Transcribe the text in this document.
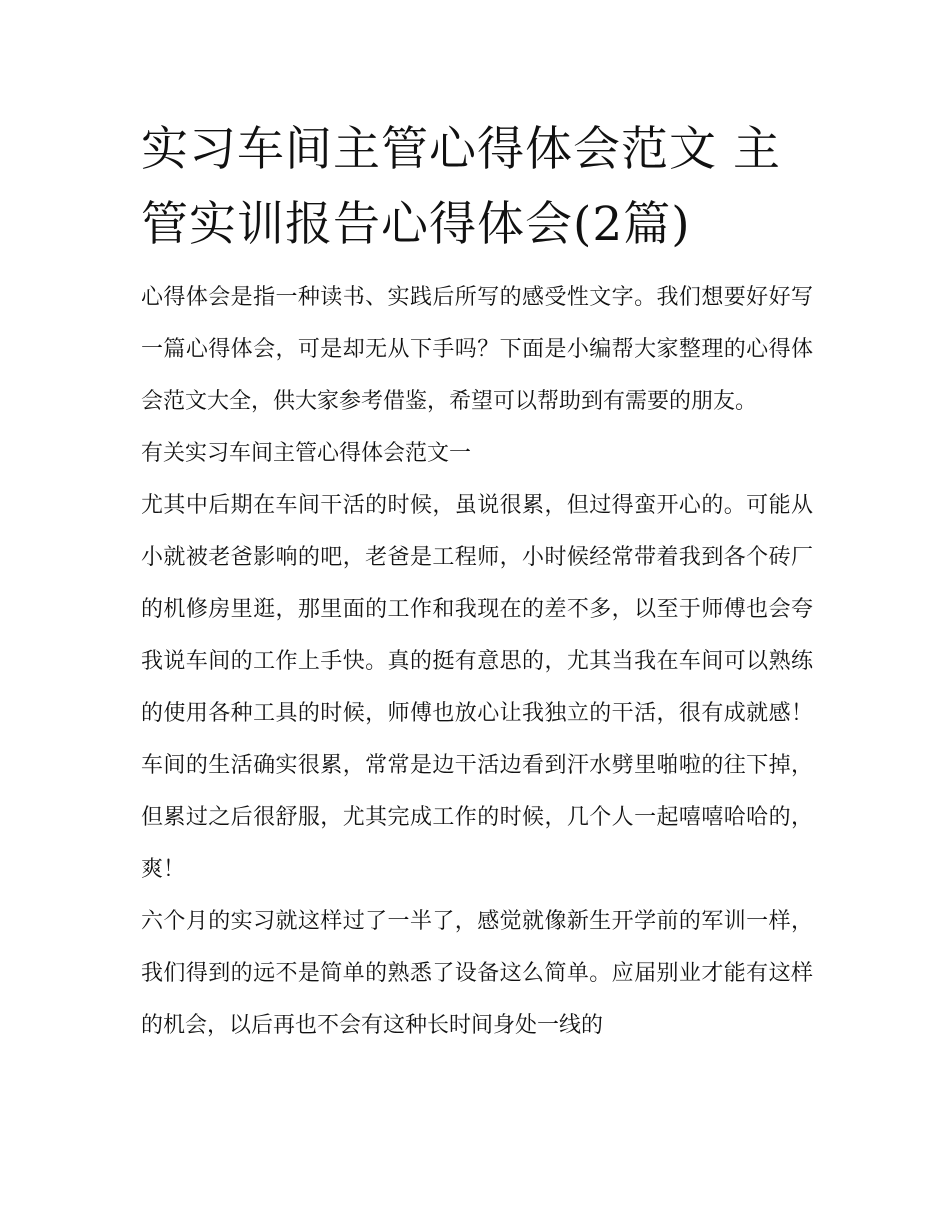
实习车间主管心得体会范文 主管实训报告心得体会(2篇)

心得体会是指一种读书、实践后所写的感受性文字。我们想要好好写一篇心得体会，可是却无从下手吗？下面是小编帮大家整理的心得体会范文大全，供大家参考借鉴，希望可以帮助到有需要的朋友。

有关实习车间主管心得体会范文一

尤其中后期在车间干活的时候，虽说很累，但过得蛮开心的。可能从小就被老爸影响的吧，老爸是工程师，小时候经常带着我到各个砖厂的机修房里逛，那里面的工作和我现在的差不多，以至于师傅也会夸我说车间的工作上手快。真的挺有意思的，尤其当我在车间可以熟练的使用各种工具的时候，师傅也放心让我独立的干活，很有成就感！车间的生活确实很累，常常是边干活边看到汗水劈里啪啦的往下掉，但累过之后很舒服，尤其完成工作的时候，几个人一起嘻嘻哈哈的，爽！

六个月的实习就这样过了一半了，感觉就像新生开学前的军训一样，我们得到的远不是简单的熟悉了设备这么简单。应届别业才能有这样的机会，以后再也不会有这种长时间身处一线的
